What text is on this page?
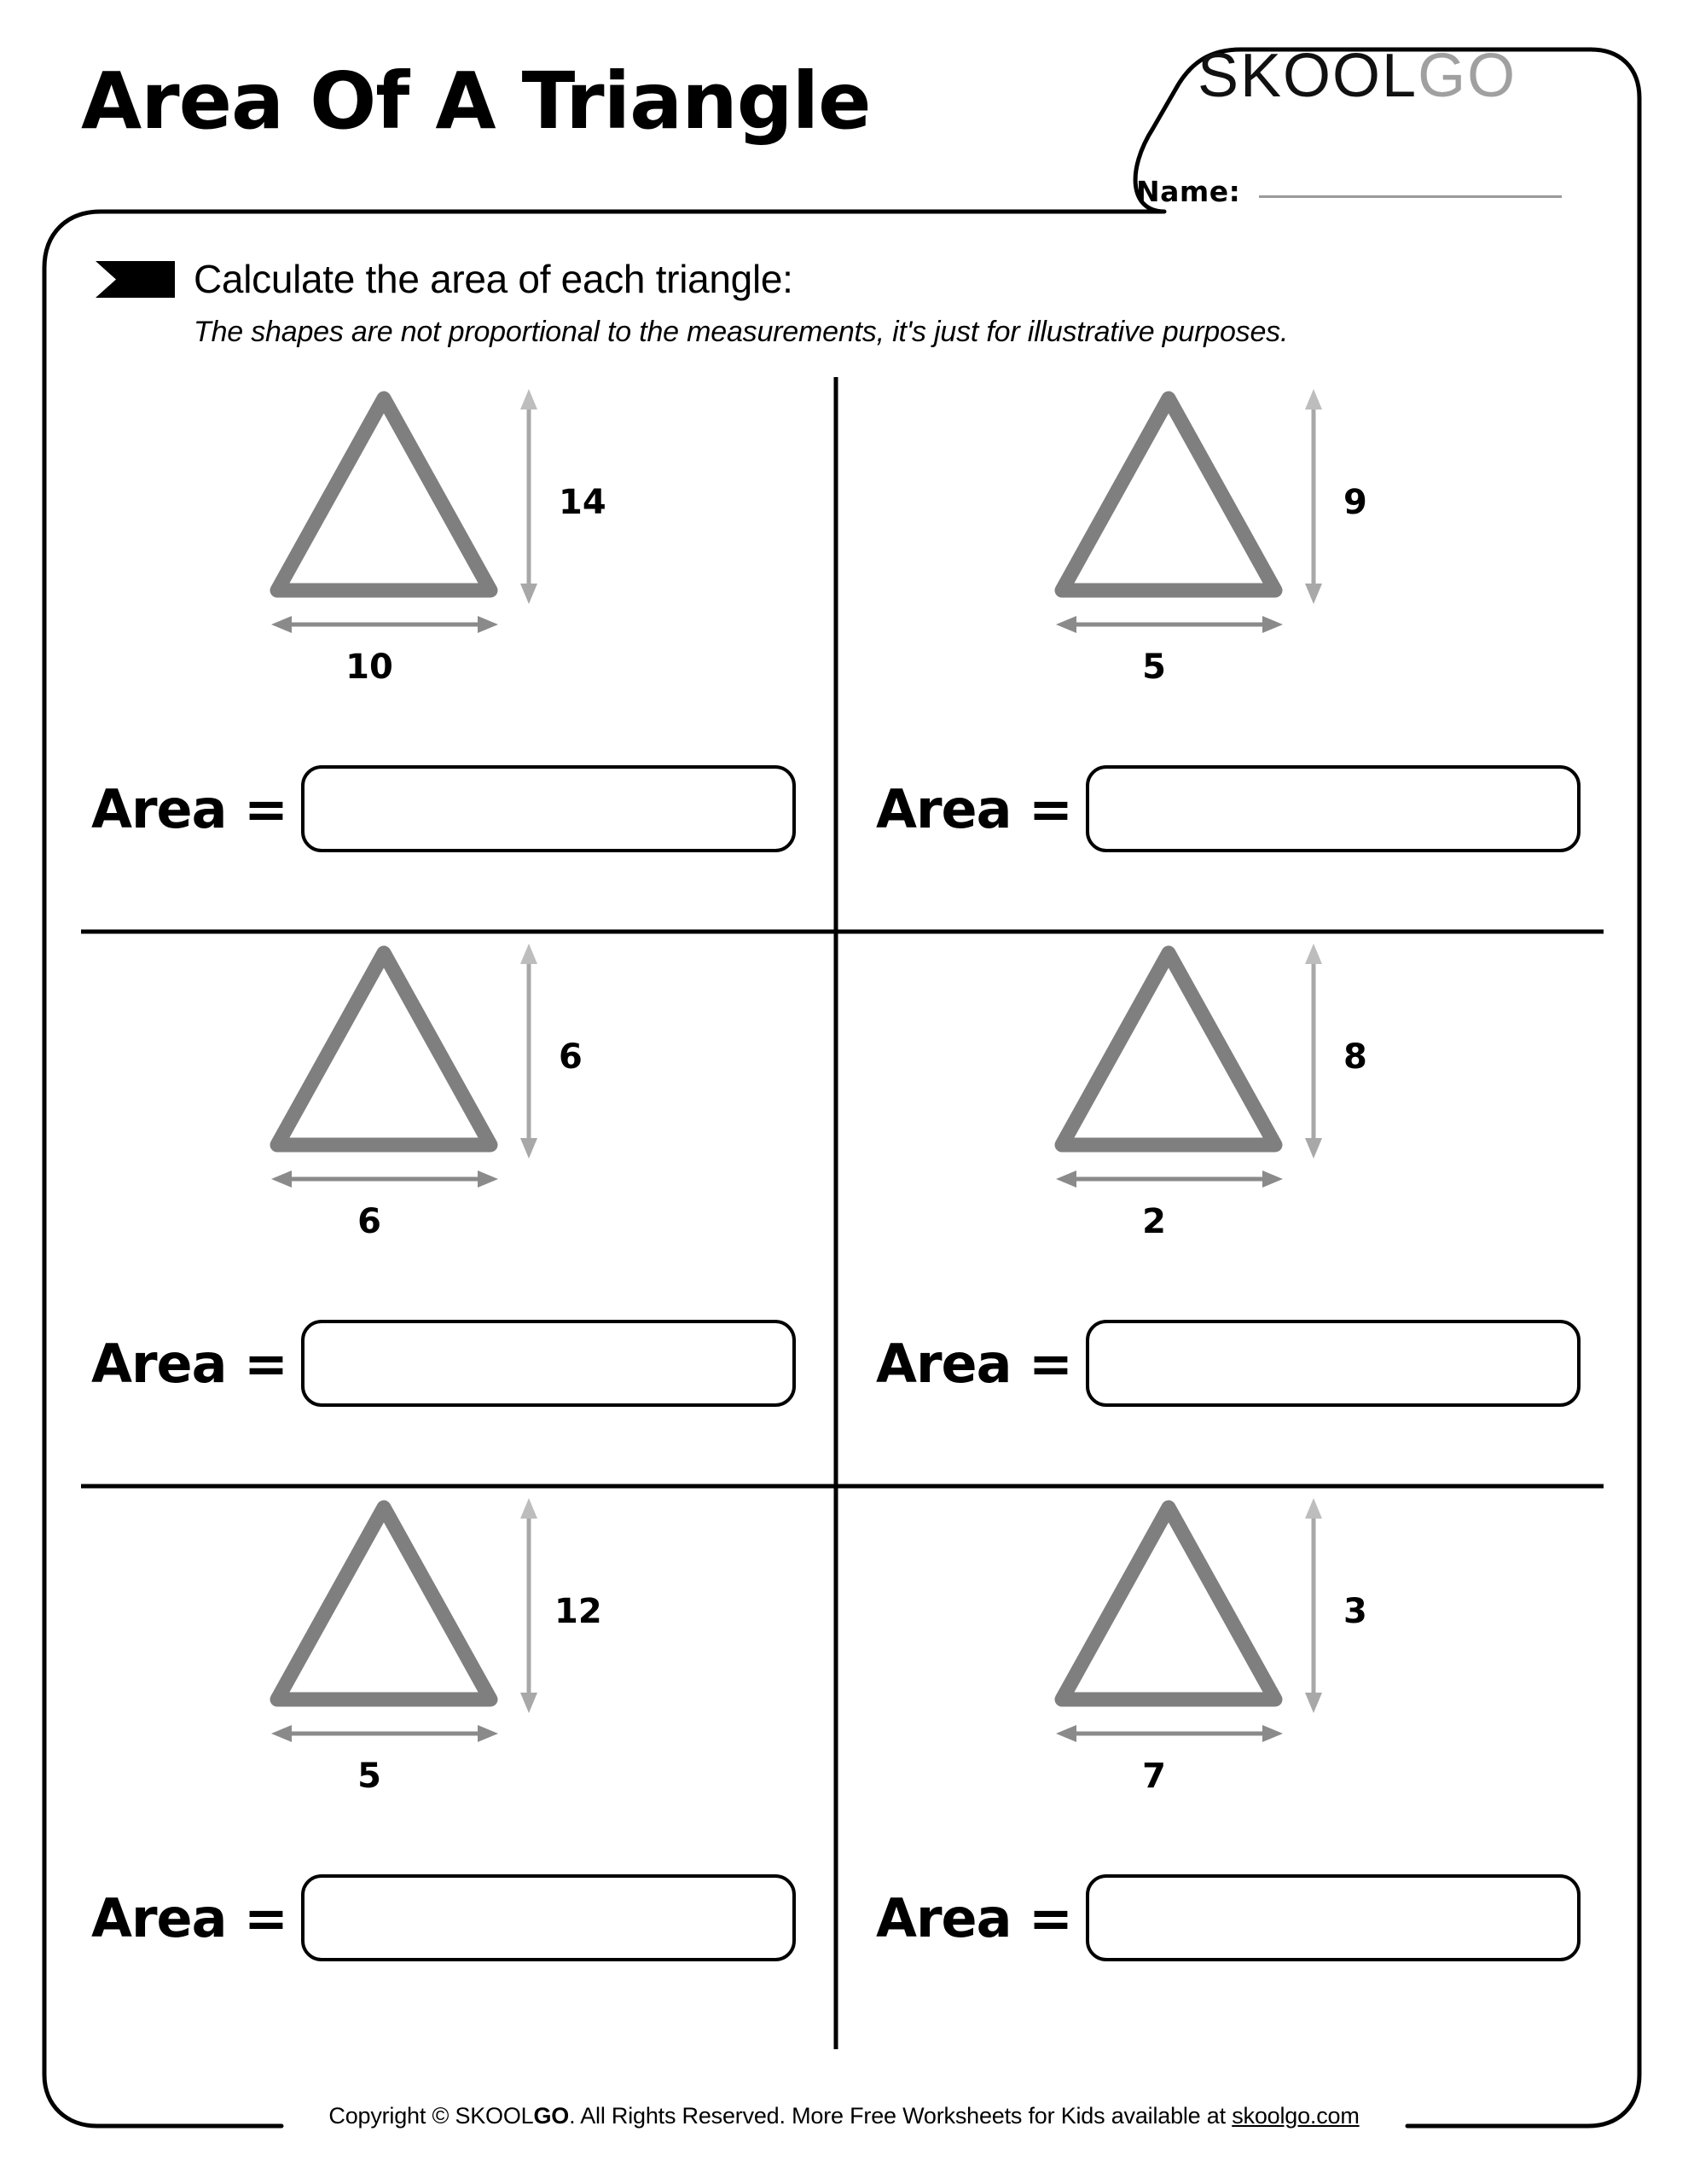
Area Of A Triangle	SKOOL GO
Name:
Calculate the area of each triangle:
The shapes are not proportional to the measurements, it's just for illustrative purposes.
14
10
Area =
9
5
Area =
6
6
Area =
8
2
Area =
12
5
Area =
3
7
Area =
Copyright © SKOOLGO. All Rights Reserved. More Free Worksheets for Kids available at skoolgo.com
